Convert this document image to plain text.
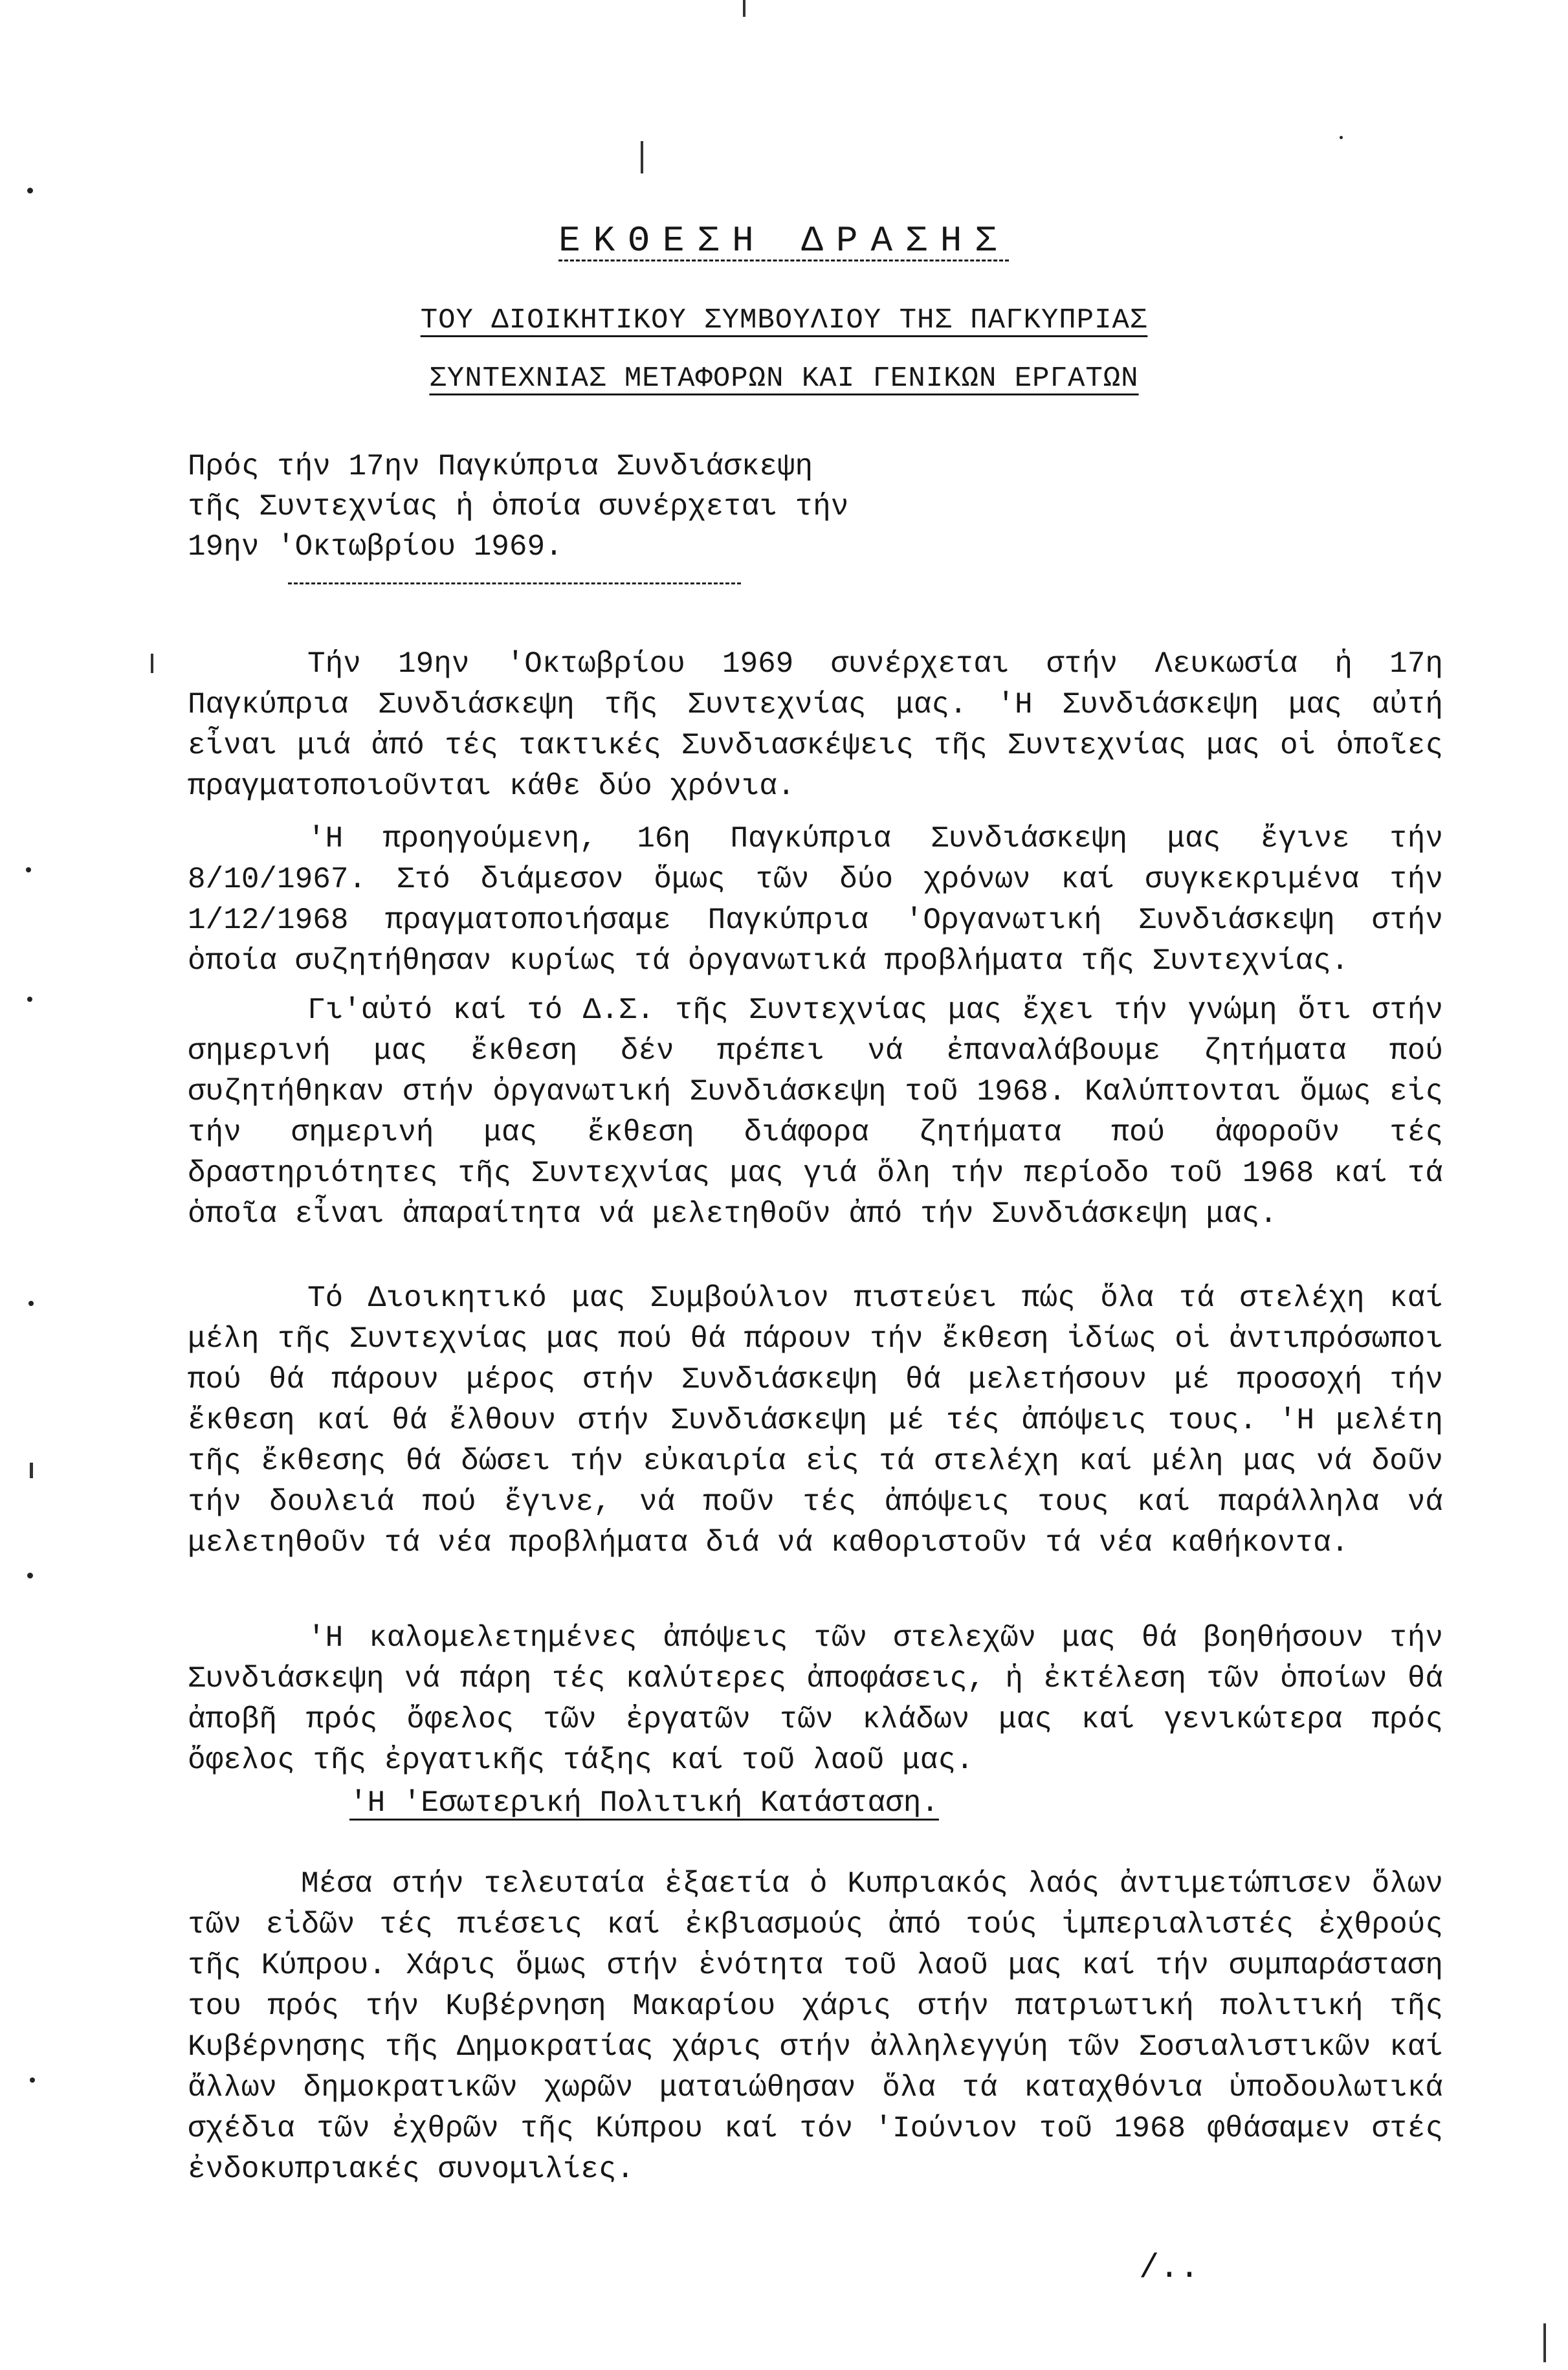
ΕΚΘΕΣΗ ΔΡΑΣΗΣ
ΤΟΥ ΔΙΟΙΚΗΤΙΚΟΥ ΣΥΜΒΟΥΛΙΟΥ ΤΗΣ ΠΑΓΚΥΠΡΙΑΣ
ΣΥΝΤΕΧΝΙΑΣ ΜΕΤΑΦΟΡΩΝ ΚΑΙ ΓΕΝΙΚΩΝ ΕΡΓΑΤΩΝ
Πρός τήν 17ην Παγκύπρια Συνδιάσκεψη
τῆς Συντεχνίας ἡ ὁποία συνέρχεται τήν
19ην 'Οκτωβρίου 1969.
Τήν 19ην 'Οκτωβρίου 1969 συνέρχεται στήν Λευκωσία ἡ 17η Παγκύπρια Συνδιάσκεψη τῆς Συντεχνίας μας. 'Η Συνδιάσκεψη μας αὐτή εἶναι μιά ἀπό τές τακτικές Συνδιασκέψεις τῆς Συντεχνίας μας οἱ ὁποῖες πραγματοποιοῦνται κάθε δύο χρόνια.
'Η προηγούμενη, 16η Παγκύπρια Συνδιάσκεψη μας ἔγινε τήν 8/10/1967. Στό διάμεσον ὅμως τῶν δύο χρόνων καί συγκεκριμένα τήν 1/12/1968 πραγματοποιήσαμε Παγκύπρια 'Οργανωτική Συνδιάσκεψη στήν ὁποία συζητήθησαν κυρίως τά ὀργανωτικά προβλήματα τῆς Συντεχνίας.
Γι'αὐτό καί τό Δ.Σ. τῆς Συντεχνίας μας ἔχει τήν γνώμη ὅτι στήν σημερινή μας ἔκθεση δέν πρέπει νά ἐπαναλάβουμε ζητήματα πού συζητήθηκαν στήν ὀργανωτική Συνδιάσκεψη τοῦ 1968. Καλύπτονται ὅμως εἰς τήν σημερινή μας ἔκθεση διάφορα ζητήματα πού ἀφοροῦν τές δραστηριότητες τῆς Συντεχνίας μας γιά ὅλη τήν περίοδο τοῦ 1968 καί τά ὁποῖα εἶναι ἀπαραίτητα νά μελετηθοῦν ἀπό τήν Συνδιάσκεψη μας.
Τό Διοικητικό μας Συμβούλιον πιστεύει πώς ὅλα τά στελέχη καί μέλη τῆς Συντεχνίας μας πού θά πάρουν τήν ἔκθεση ἰδίως οἱ ἀντιπρόσωποι πού θά πάρουν μέρος στήν Συνδιάσκεψη θά μελετήσουν μέ προσοχή τήν ἔκθεση καί θά ἔλθουν στήν Συνδιάσκεψη μέ τές ἀπόψεις τους. 'Η μελέτη τῆς ἔκθεσης θά δώσει τήν εὐκαιρία εἰς τά στελέχη καί μέλη μας νά δοῦν τήν δουλειά πού ἔγινε, νά ποῦν τές ἀπόψεις τους καί παράλληλα νά μελετηθοῦν τά νέα προβλήματα διά νά καθοριστοῦν τά νέα καθήκοντα.
'Η καλομελετημένες ἀπόψεις τῶν στελεχῶν μας θά βοηθήσουν τήν Συνδιάσκεψη νά πάρη τές καλύτερες ἀποφάσεις, ἡ ἐκτέλεση τῶν ὁποίων θά ἀποβῆ πρός ὄφελος τῶν ἐργατῶν τῶν κλάδων μας καί γενικώτερα πρός ὄφελος τῆς ἐργατικῆς τάξης καί τοῦ λαοῦ μας.
'Η 'Εσωτερική Πολιτική Κατάσταση.
Μέσα στήν τελευταία ἑξαετία ὁ Κυπριακός λαός ἀντιμετώπισεν ὅλων τῶν εἰδῶν τές πιέσεις καί ἐκβιασμούς ἀπό τούς ἰμπεριαλιστές ἐχθρούς τῆς Κύπρου. Χάρις ὅμως στήν ἑνότητα τοῦ λαοῦ μας καί τήν συμπαράσταση του πρός τήν Κυβέρνηση Μακαρίου χάρις στήν πατριωτική πολιτική τῆς Κυβέρνησης τῆς Δημοκρατίας χάρις στήν ἀλληλεγγύη τῶν Σοσιαλιστικῶν καί ἄλλων δημοκρατικῶν χωρῶν ματαιώθησαν ὅλα τά καταχθόνια ὑποδουλωτικά σχέδια τῶν ἐχθρῶν τῆς Κύπρου καί τόν 'Ιούνιον τοῦ 1968 φθάσαμεν στές ἐνδοκυπριακές συνομιλίες.
/..
